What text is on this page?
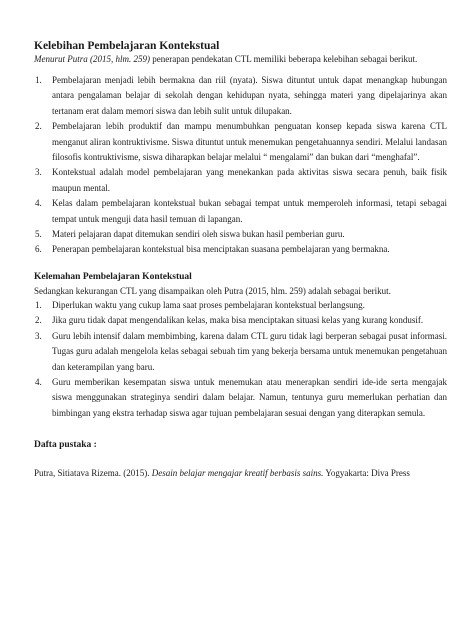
Kelebihan Pembelajaran Kontekstual

Menurut Putra (2015, hlm. 259) penerapan pendekatan CTL memiliki beberapa kelebihan sebagai berikut.

1. Pembelajaran menjadi lebih bermakna dan riil (nyata). Siswa dituntut untuk dapat menangkap hubungan antara pengalaman belajar di sekolah dengan kehidupan nyata, sehingga materi yang dipelajarinya akan tertanam erat dalam memori siswa dan lebih sulit untuk dilupakan.
2. Pembelajaran lebih produktif dan mampu menumbuhkan penguatan konsep kepada siswa karena CTL menganut aliran kontruktivisme. Siswa dituntut untuk menemukan pengetahuannya sendiri. Melalui landasan filosofis kontruktivisme, siswa diharapkan belajar melalui “ mengalami” dan bukan dari “menghafal”.
3. Kontekstual adalah model pembelajaran yang menekankan pada aktivitas siswa secara penuh, baik fisik maupun mental.
4. Kelas dalam pembelajaran kontekstual bukan sebagai tempat untuk memperoleh informasi, tetapi sebagai tempat untuk menguji data hasil temuan di lapangan.
5. Materi pelajaran dapat ditemukan sendiri oleh siswa bukan hasil pemberian guru.
6. Penerapan pembelajaran kontekstual bisa menciptakan suasana pembelajaran yang bermakna.
Kelemahan Pembelajaran Kontekstual

Sedangkan kekurangan CTL yang disampaikan oleh Putra (2015, hlm. 259) adalah sebagai berikut.

1. Diperlukan waktu yang cukup lama saat proses pembelajaran kontekstual berlangsung.
2. Jika guru tidak dapat mengendalikan kelas, maka bisa menciptakan situasi kelas yang kurang kondusif.
3. Guru lebih intensif dalam membimbing, karena dalam CTL guru tidak lagi berperan sebagai pusat informasi. Tugas guru adalah mengelola kelas sebagai sebuah tim yang bekerja bersama untuk menemukan pengetahuan dan keterampilan yang baru.
4. Guru memberikan kesempatan siswa untuk menemukan atau menerapkan sendiri ide-ide serta mengajak siswa menggunakan strateginya sendiri dalam belajar. Namun, tentunya guru memerlukan perhatian dan bimbingan yang ekstra terhadap siswa agar tujuan pembelajaran sesuai dengan yang diterapkan semula.
Dafta pustaka :

Putra, Sitiatava Rizema. (2015). Desain belajar mengajar kreatif berbasis sains. Yogyakarta: Diva Press
